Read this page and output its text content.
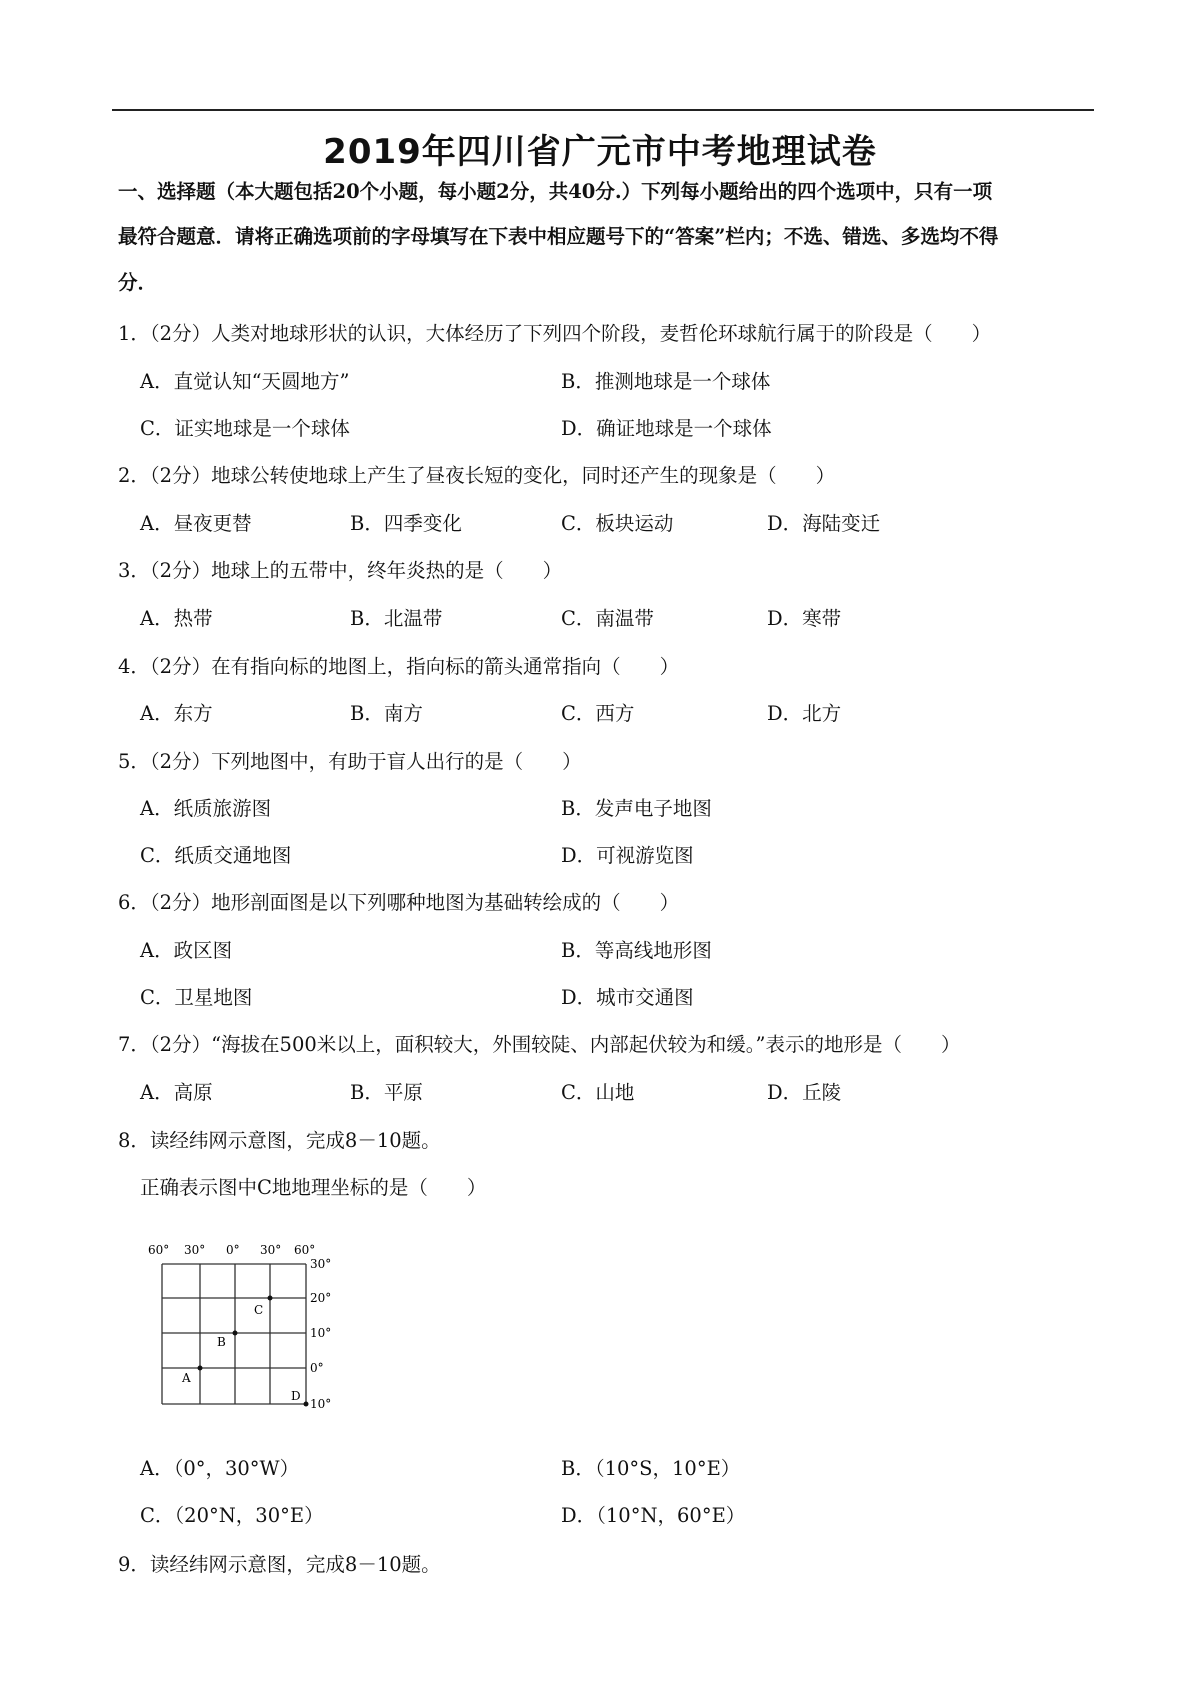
2019年四川省广元市中考地理试卷
一、选择题（本大题包括20个小题，每小题2分，共40分.）下列每小题给出的四个选项中，只有一项
最符合题意．请将正确选项前的字母填写在下表中相应题号下的“答案”栏内；不选、错选、多选均不得
分．
1．（2分）人类对地球形状的认识，大体经历了下列四个阶段，麦哲伦环球航行属于的阶段是（　　）
A．直觉认知“天圆地方”	B．推测地球是一个球体
C．证实地球是一个球体	D．确证地球是一个球体
2．（2分）地球公转使地球上产生了昼夜长短的变化，同时还产生的现象是（　　）
A．昼夜更替	B．四季变化	C．板块运动	D．海陆变迁
3．（2分）地球上的五带中，终年炎热的是（　　）
A．热带	B．北温带	C．南温带	D．寒带
4．（2分）在有指向标的地图上，指向标的箭头通常指向（　　）
A．东方	B．南方	C．西方	D．北方
5．（2分）下列地图中，有助于盲人出行的是（　　）
A．纸质旅游图	B．发声电子地图
C．纸质交通地图	D．可视游览图
6．（2分）地形剖面图是以下列哪种地图为基础转绘成的（　　）
A．政区图	B．等高线地形图
C．卫星地图	D．城市交通图
7．（2分）“海拔在500米以上，面积较大，外围较陡、内部起伏较为和缓。”表示的地形是（　　）
A．高原	B．平原	C．山地	D．丘陵
8．读经纬网示意图，完成8－10题。
正确表示图中C地地理坐标的是（　　）
60° 30° 0° 30° 60°
30°
20°
10°
0°
10°
A
B
C
D
A．（0°，30°W）	B．（10°S，10°E）
C．（20°N，30°E）	D．（10°N，60°E）
9．读经纬网示意图，完成8－10题。
